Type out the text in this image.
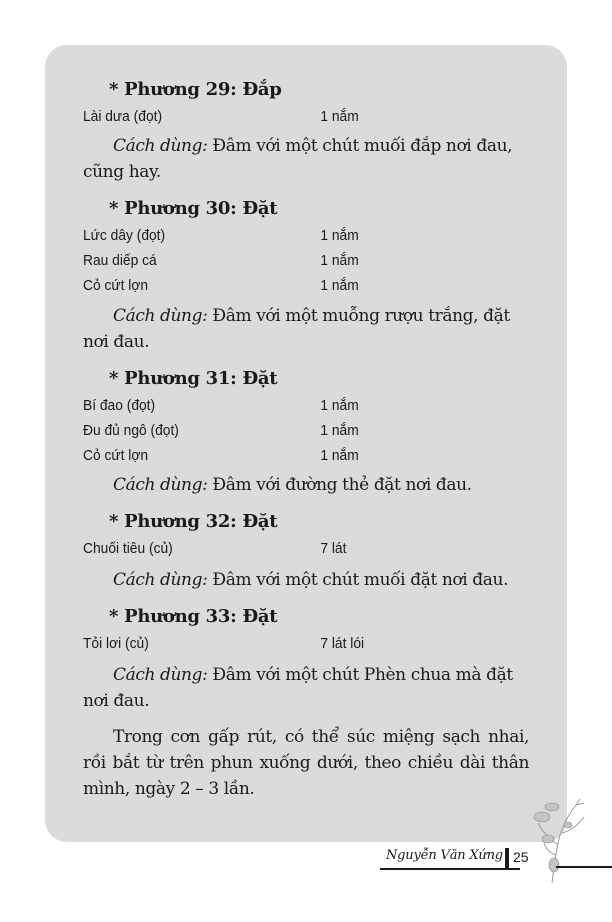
* Phương 29: Đắp
Lài dưa (đọt)	1 nắm

Cách dùng: Đâm với một chút muối đắp nơi đau, cũng hay.

* Phương 30: Đặt
Lức dây (đọt)	1 nắm
Rau diếp cá	1 nắm
Cỏ cứt lợn	1 nắm

Cách dùng: Đâm với một muỗng rượu trắng, đặt nơi đau.

* Phương 31: Đặt
Bí đao (đọt)	1 nắm
Đu đủ ngô (đọt)	1 nắm
Cỏ cứt lợn	1 nắm

Cách dùng: Đâm với đường thẻ đặt nơi đau.

* Phương 32: Đặt
Chuối tiêu (củ)	7 lát

Cách dùng: Đâm với một chút muối đặt nơi đau.

* Phương 33: Đặt
Tỏi lơi (củ)	7 lát lói

Cách dùng: Đâm với một chút Phèn chua mà đặt nơi đau.

Trong cơn gấp rút, có thể súc miệng sạch nhai, rồi bắt từ trên phun xuống dưới, theo chiều dài thân mình, ngày 2 – 3 lần.

Nguyễn Văn Xứng 25
